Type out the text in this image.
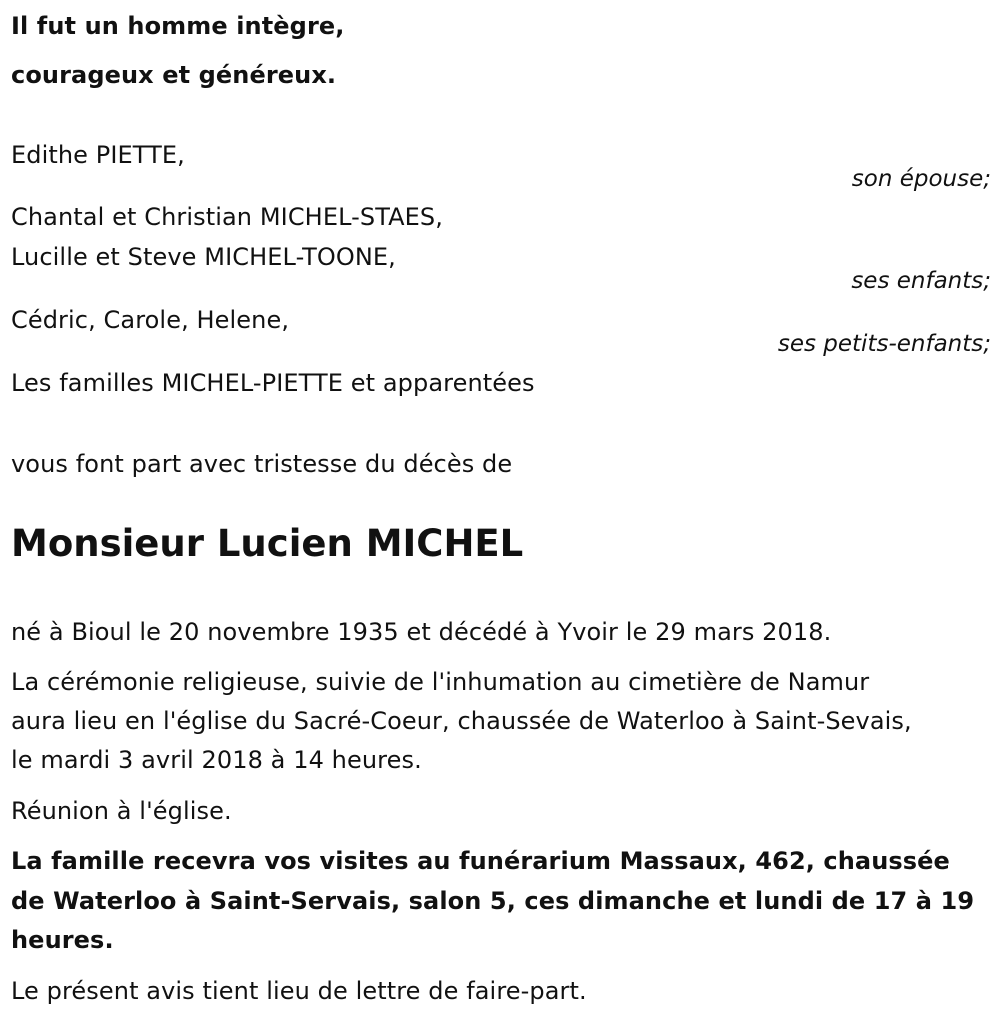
Il fut un homme intègre,
courageux et généreux.
Edithe PIETTE,
son épouse;
Chantal et Christian MICHEL-STAES,
Lucille et Steve MICHEL-TOONE,
ses enfants;
Cédric, Carole, Helene,
ses petits-enfants;
Les familles MICHEL-PIETTE et apparentées
vous font part avec tristesse du décès de
Monsieur Lucien MICHEL
né à Bioul le 20 novembre 1935 et décédé à Yvoir le 29 mars 2018.
La cérémonie religieuse, suivie de l'inhumation au cimetière de Namur
aura lieu en l'église du Sacré-Coeur, chaussée de Waterloo à Saint-Sevais,
le mardi 3 avril 2018 à 14 heures.
Réunion à l'église.
La famille recevra vos visites au funérarium Massaux, 462, chaussée
de Waterloo à Saint-Servais, salon 5, ces dimanche et lundi de 17 à 19
heures.
Le présent avis tient lieu de lettre de faire-part.
